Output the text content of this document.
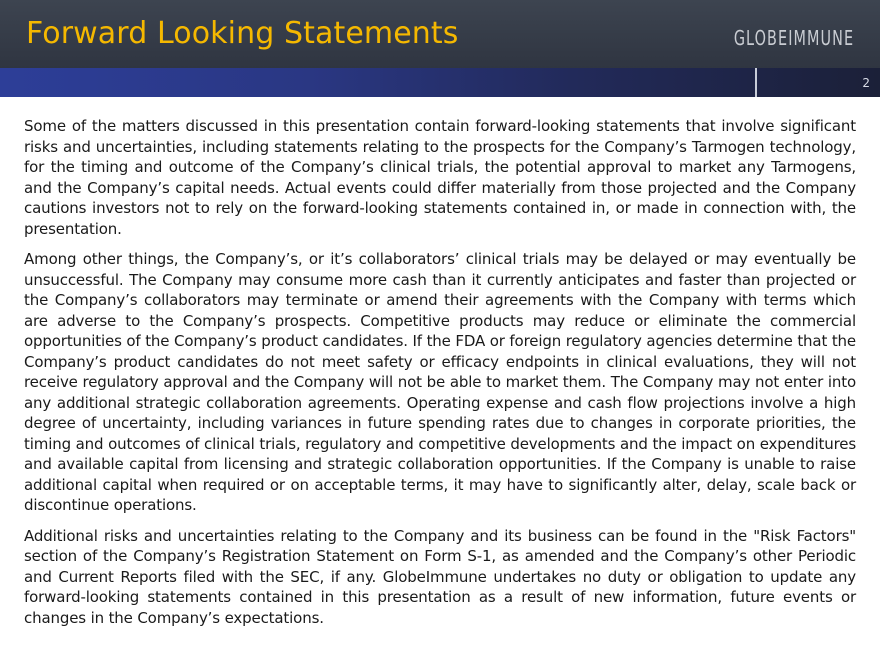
Forward Looking Statements	GLOBEIMMUNE
2

Some of the matters discussed in this presentation contain forward-looking statements that involve significant risks and uncertainties, including statements relating to the prospects for the Company’s Tarmogen technology, for the timing and outcome of the Company’s clinical trials, the potential approval to market any Tarmogens, and the Company’s capital needs. Actual events could differ materially from those projected and the Company cautions investors not to rely on the forward-looking statements contained in, or made in connection with, the presentation.

Among other things, the Company’s, or it’s collaborators’ clinical trials may be delayed or may eventually be unsuccessful. The Company may consume more cash than it currently anticipates and faster than projected or the Company’s collaborators may terminate or amend their agreements with the Company with terms which are adverse to the Company’s prospects. Competitive products may reduce or eliminate the commercial opportunities of the Company’s product candidates. If the FDA or foreign regulatory agencies determine that the Company’s product candidates do not meet safety or efficacy endpoints in clinical evaluations, they will not receive regulatory approval and the Company will not be able to market them. The Company may not enter into any additional strategic collaboration agreements. Operating expense and cash flow projections involve a high degree of uncertainty, including variances in future spending rates due to changes in corporate priorities, the timing and outcomes of clinical trials, regulatory and competitive developments and the impact on expenditures and available capital from licensing and strategic collaboration opportunities. If the Company is unable to raise additional capital when required or on acceptable terms, it may have to significantly alter, delay, scale back or discontinue operations.

Additional risks and uncertainties relating to the Company and its business can be found in the "Risk Factors" section of the Company’s Registration Statement on Form S-1, as amended and the Company’s other Periodic and Current Reports filed with the SEC, if any. GlobeImmune undertakes no duty or obligation to update any forward-looking statements contained in this presentation as a result of new information, future events or changes in the Company’s expectations.
